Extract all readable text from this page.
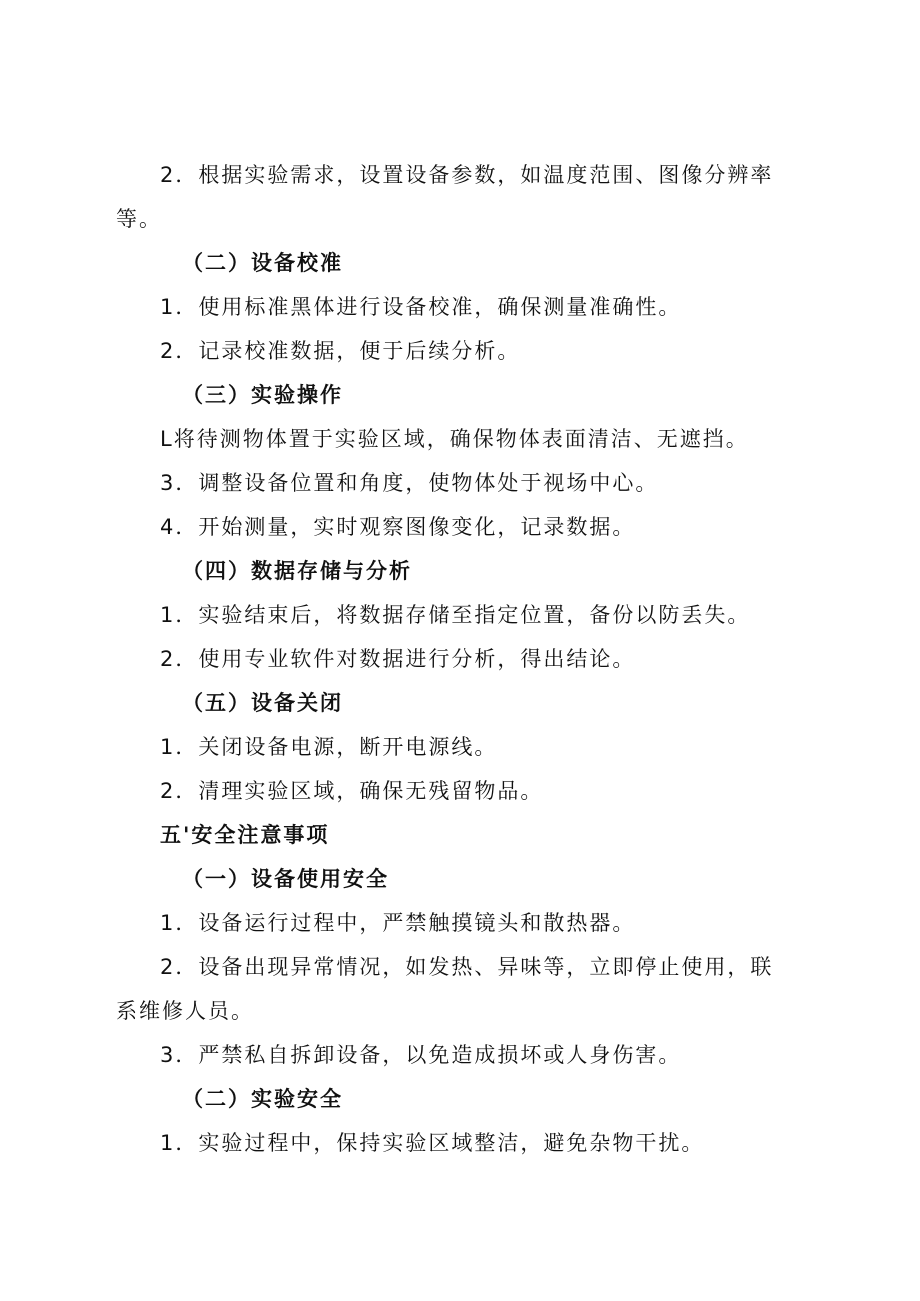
2．根据实验需求，设置设备参数，如温度范围、图像分辨率
等。
（二）设备校准
1．使用标准黑体进行设备校准，确保测量准确性。
2．记录校准数据，便于后续分析。
（三）实验操作
L将待测物体置于实验区域，确保物体表面清洁、无遮挡。
3．调整设备位置和角度，使物体处于视场中心。
4．开始测量，实时观察图像变化，记录数据。
（四）数据存储与分析
1．实验结束后，将数据存储至指定位置，备份以防丢失。
2．使用专业软件对数据进行分析，得出结论。
（五）设备关闭
1．关闭设备电源，断开电源线。
2．清理实验区域，确保无残留物品。
五'安全注意事项
（一）设备使用安全
1．设备运行过程中，严禁触摸镜头和散热器。
2．设备出现异常情况，如发热、异味等，立即停止使用，联
系维修人员。
3．严禁私自拆卸设备，以免造成损坏或人身伤害。
（二）实验安全
1．实验过程中，保持实验区域整洁，避免杂物干扰。
